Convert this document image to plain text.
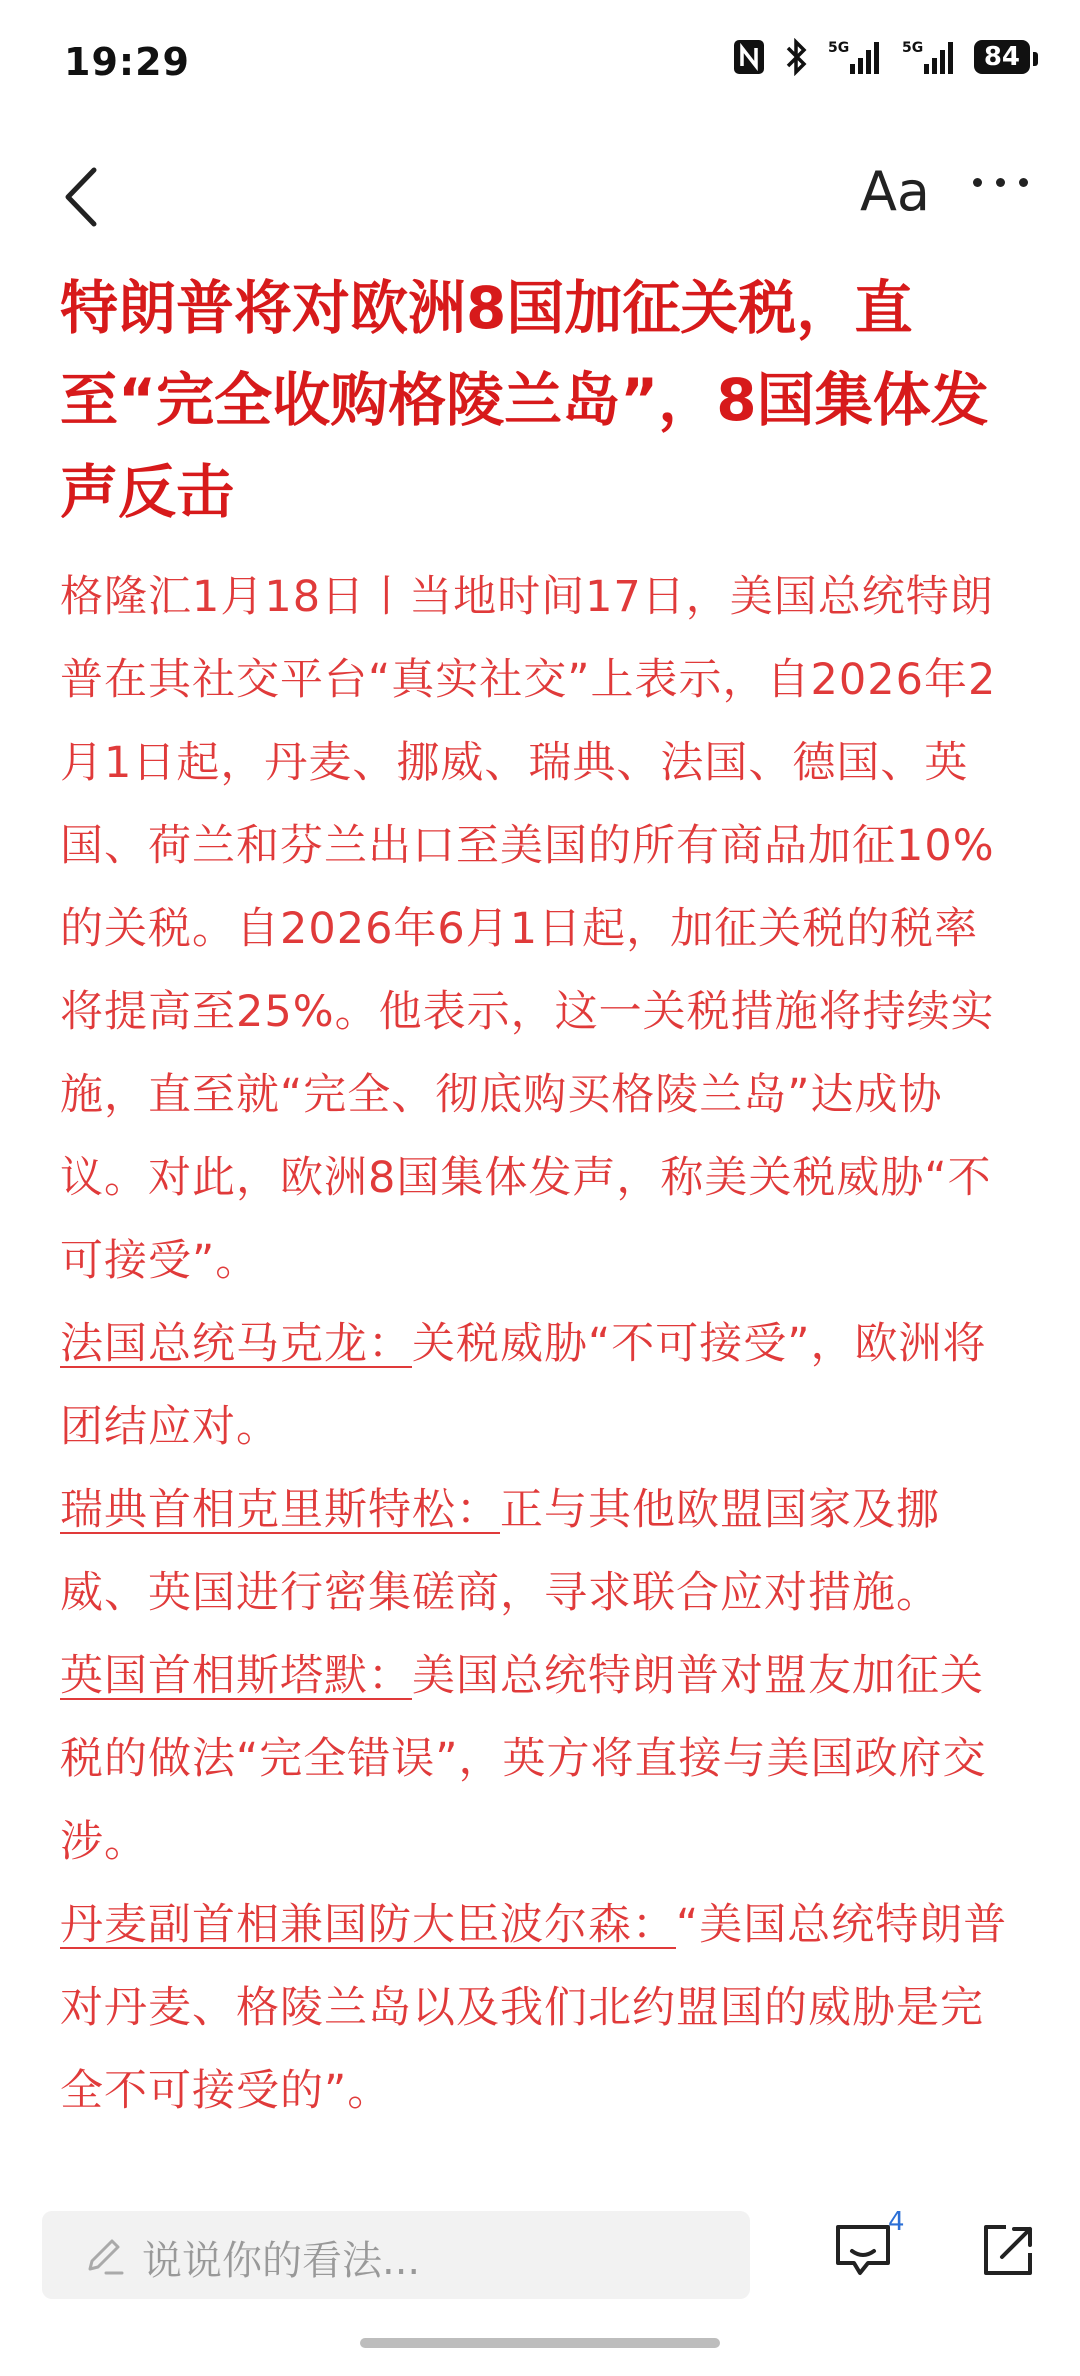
19:29	5G	5G	84
Aa
特朗普将对欧洲8国加征关税，直至“完全收购格陵兰岛”，8国集体发声反击

格隆汇1月18日丨当地时间17日，美国总统特朗普在其社交平台“真实社交”上表示，自2026年2月1日起，丹麦、挪威、瑞典、法国、德国、英国、荷兰和芬兰出口至美国的所有商品加征10%的关税。自2026年6月1日起，加征关税的税率将提高至25%。他表示，这一关税措施将持续实施，直至就“完全、彻底购买格陵兰岛”达成协议。对此，欧洲8国集体发声，称美关税威胁“不可接受”。

法国总统马克龙：关税威胁“不可接受”，欧洲将团结应对。

瑞典首相克里斯特松：正与其他欧盟国家及挪威、英国进行密集磋商，寻求联合应对措施。

英国首相斯塔默：美国总统特朗普对盟友加征关税的做法“完全错误”，英方将直接与美国政府交涉。

丹麦副首相兼国防大臣波尔森：“美国总统特朗普对丹麦、格陵兰岛以及我们北约盟国的威胁是完全不可接受的”。

说说你的看法...
4
